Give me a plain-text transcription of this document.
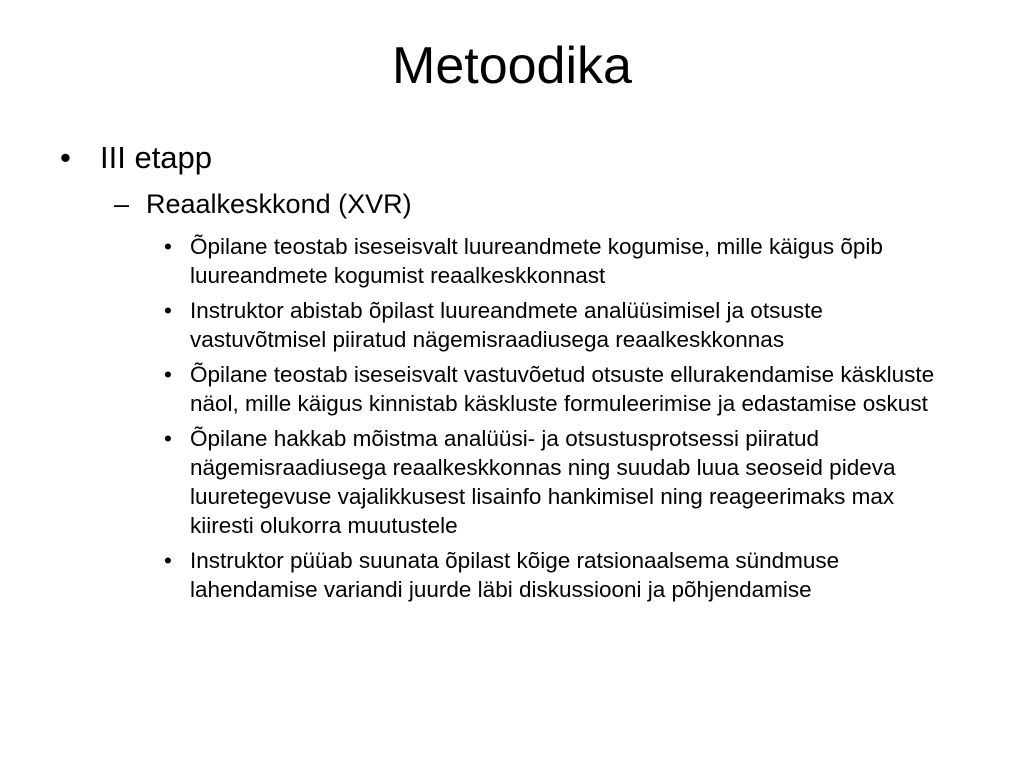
Metoodika
• III etapp
– Reaalkeskkond (XVR)
• Õpilane teostab iseseisvalt luureandmete kogumise, mille käigus õpib luureandmete kogumist reaalkeskkonnast
• Instruktor abistab õpilast luureandmete analüüsimisel ja otsuste vastuvõtmisel piiratud nägemisraadiusega reaalkeskkonnas
• Õpilane teostab iseseisvalt vastuvõetud otsuste ellurakendamise käskluste näol, mille käigus kinnistab käskluste formuleerimise ja edastamise oskust
• Õpilane hakkab mõistma analüüsi- ja otsustusprotsessi piiratud nägemisraadiusega reaalkeskkonnas ning suudab luua seoseid pideva luuretegevuse vajalikkusest lisainfo hankimisel ning reageerimaks max kiiresti olukorra muutustele
• Instruktor püüab suunata õpilast kõige ratsionaalsema sündmuse lahendamise variandi juurde läbi diskussiooni ja põhjendamise
